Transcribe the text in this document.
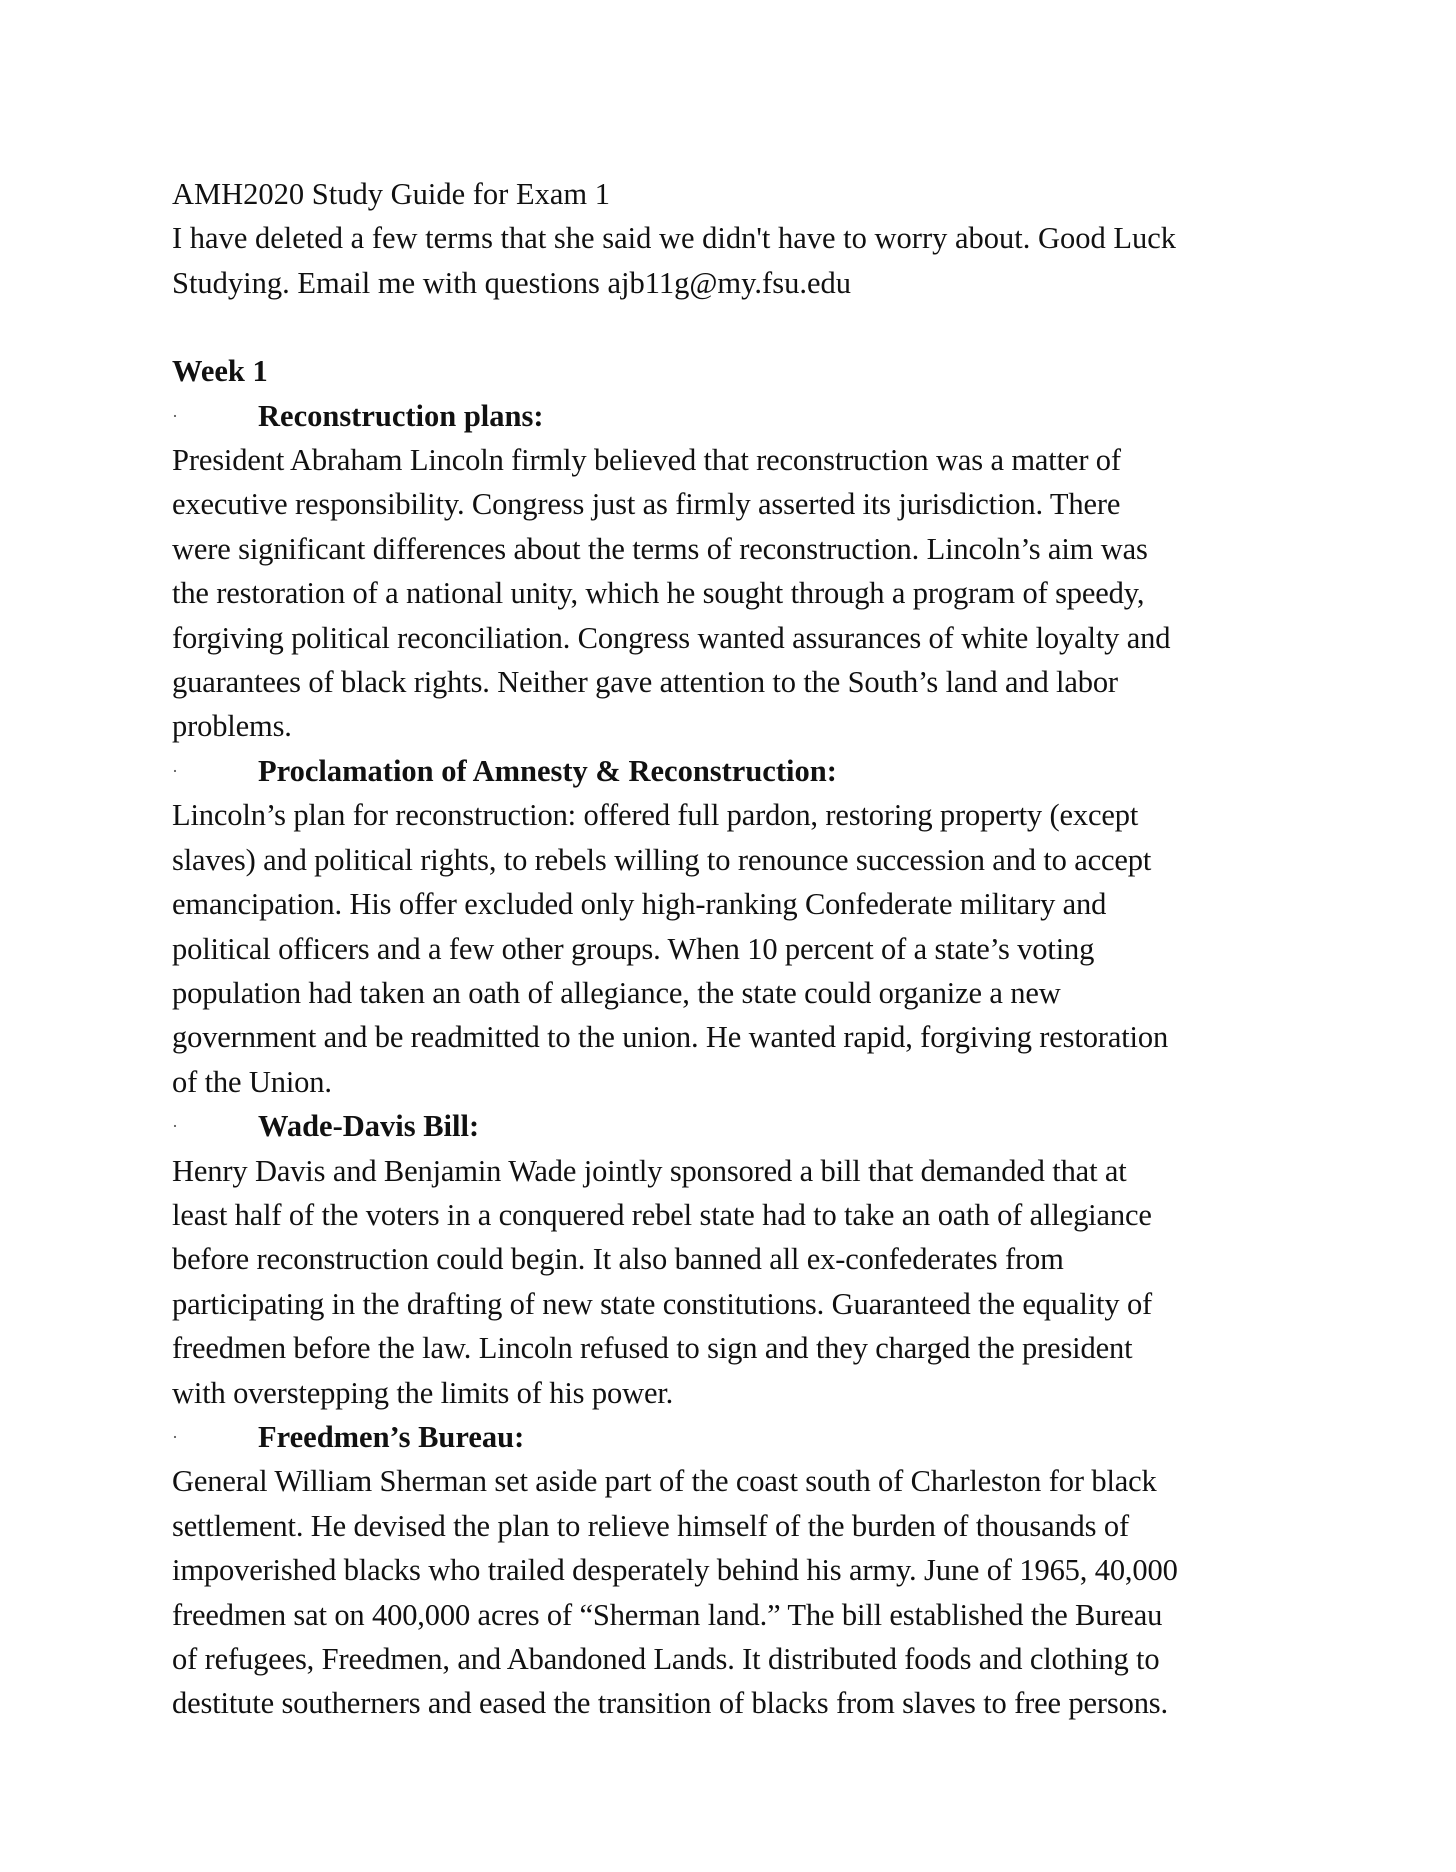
AMH2020 Study Guide for Exam 1
I have deleted a few terms that she said we didn't have to worry about. Good Luck
Studying. Email me with questions ajb11g@my.fsu.edu
Week 1
·	Reconstruction plans:
President Abraham Lincoln firmly believed that reconstruction was a matter of
executive responsibility. Congress just as firmly asserted its jurisdiction. There
were significant differences about the terms of reconstruction. Lincoln’s aim was
the restoration of a national unity, which he sought through a program of speedy,
forgiving political reconciliation. Congress wanted assurances of white loyalty and
guarantees of black rights. Neither gave attention to the South’s land and labor
problems.
·	Proclamation of Amnesty & Reconstruction:
Lincoln’s plan for reconstruction: offered full pardon, restoring property (except
slaves) and political rights, to rebels willing to renounce succession and to accept
emancipation. His offer excluded only high-ranking Confederate military and
political officers and a few other groups. When 10 percent of a state’s voting
population had taken an oath of allegiance, the state could organize a new
government and be readmitted to the union. He wanted rapid, forgiving restoration
of the Union.
·	Wade-Davis Bill:
Henry Davis and Benjamin Wade jointly sponsored a bill that demanded that at
least half of the voters in a conquered rebel state had to take an oath of allegiance
before reconstruction could begin. It also banned all ex-confederates from
participating in the drafting of new state constitutions. Guaranteed the equality of
freedmen before the law. Lincoln refused to sign and they charged the president
with overstepping the limits of his power.
·	Freedmen’s Bureau:
General William Sherman set aside part of the coast south of Charleston for black
settlement. He devised the plan to relieve himself of the burden of thousands of
impoverished blacks who trailed desperately behind his army. June of 1965, 40,000
freedmen sat on 400,000 acres of “Sherman land.” The bill established the Bureau
of refugees, Freedmen, and Abandoned Lands. It distributed foods and clothing to
destitute southerners and eased the transition of blacks from slaves to free persons.
